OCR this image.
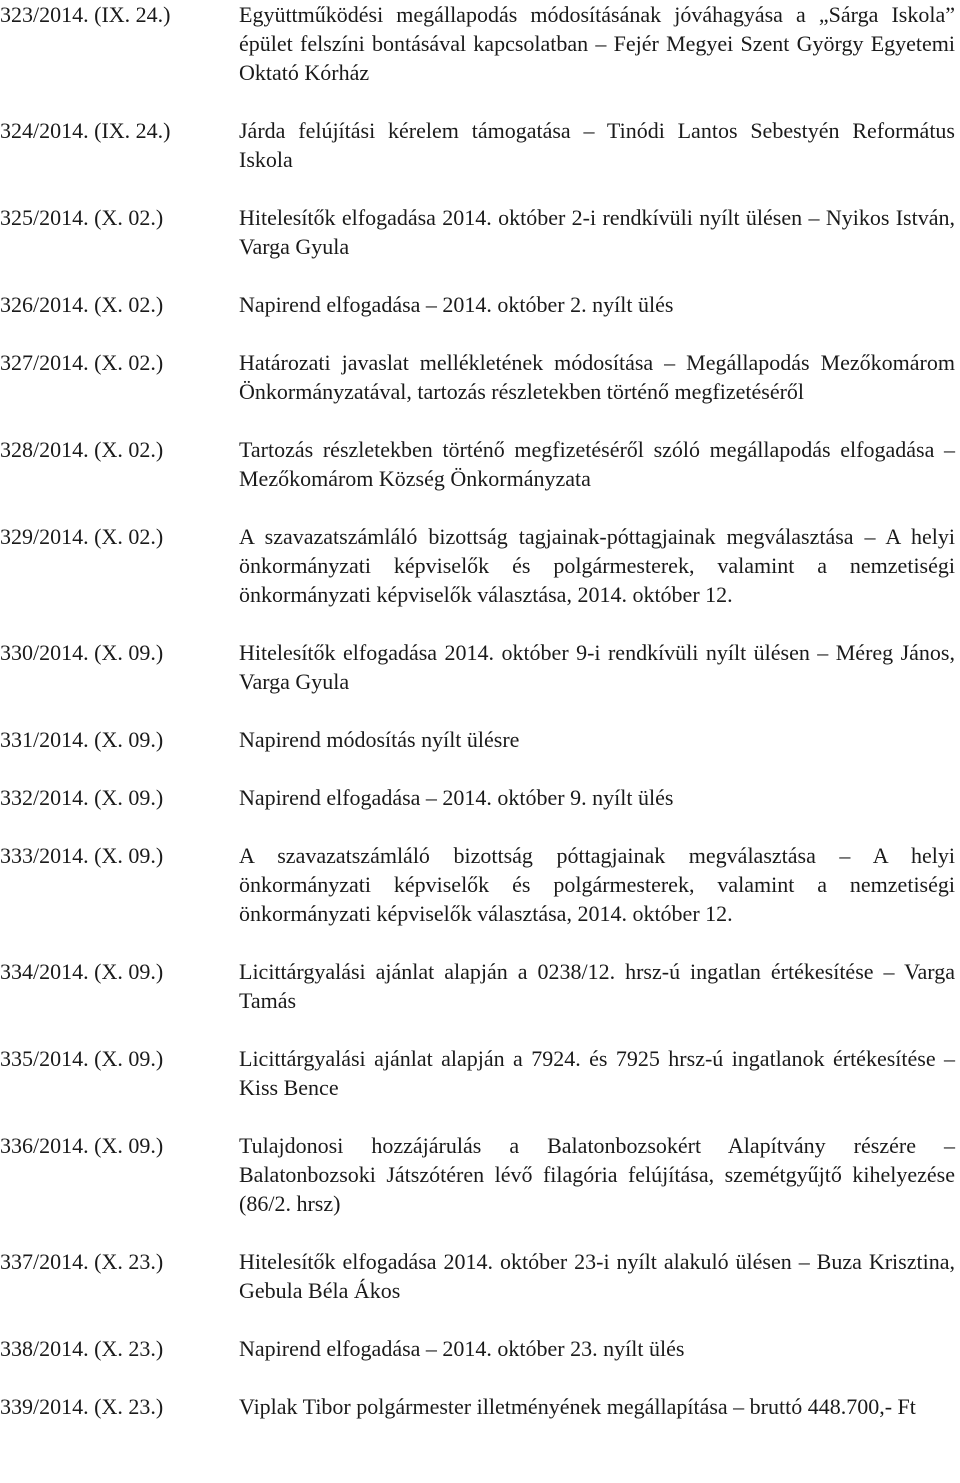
323/2014. (IX. 24.)	Együttműködési megállapodás módosításának jóváhagyása a „Sárga Iskola” épület felszíni bontásával kapcsolatban – Fejér Megyei Szent György Egyetemi Oktató Kórház
324/2014. (IX. 24.)	Járda felújítási kérelem támogatása – Tinódi Lantos Sebestyén Református Iskola
325/2014. (X. 02.)	Hitelesítők elfogadása 2014. október 2-i rendkívüli nyílt ülésen – Nyikos István, Varga Gyula
326/2014. (X. 02.)	Napirend elfogadása – 2014. október 2. nyílt ülés
327/2014. (X. 02.)	Határozati javaslat mellékletének módosítása – Megállapodás Mezőkomárom Önkormányzatával, tartozás részletekben történő megfizetéséről
328/2014. (X. 02.)	Tartozás részletekben történő megfizetéséről szóló megállapodás elfogadása – Mezőkomárom Község Önkormányzata
329/2014. (X. 02.)	A szavazatszámláló bizottság tagjainak-póttagjainak megválasztása – A helyi önkormányzati képviselők és polgármesterek, valamint a nemzetiségi önkormányzati képviselők választása, 2014. október 12.
330/2014. (X. 09.)	Hitelesítők elfogadása 2014. október 9-i rendkívüli nyílt ülésen – Méreg János, Varga Gyula
331/2014. (X. 09.)	Napirend módosítás nyílt ülésre
332/2014. (X. 09.)	Napirend elfogadása – 2014. október 9. nyílt ülés
333/2014. (X. 09.)	A szavazatszámláló bizottság póttagjainak megválasztása – A helyi önkormányzati képviselők és polgármesterek, valamint a nemzetiségi önkormányzati képviselők választása, 2014. október 12.
334/2014. (X. 09.)	Licittárgyalási ajánlat alapján a 0238/12. hrsz-ú ingatlan értékesítése – Varga Tamás
335/2014. (X. 09.)	Licittárgyalási ajánlat alapján a 7924. és 7925 hrsz-ú ingatlanok értékesítése – Kiss Bence
336/2014. (X. 09.)	Tulajdonosi hozzájárulás a Balatonbozsokért Alapítvány részére – Balatonbozsoki Játszótéren lévő filagória felújítása, szemétgyűjtő kihelyezése (86/2. hrsz)
337/2014. (X. 23.)	Hitelesítők elfogadása 2014. október 23-i nyílt alakuló ülésen – Buza Krisztina, Gebula Béla Ákos
338/2014. (X. 23.)	Napirend elfogadása – 2014. október 23. nyílt ülés
339/2014. (X. 23.)	Viplak Tibor polgármester illetményének megállapítása – bruttó 448.700,- Ft
